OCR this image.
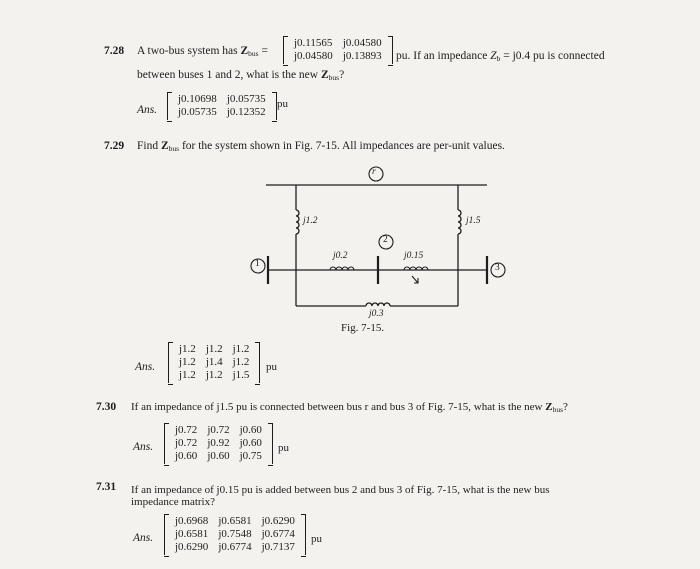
7.28 A two-bus system has $Z_{bus}$ =
j0.11565	j0.04580
j0.04580	j0.13893 pu. If an impedance $Z_b = j0.4$ pu is connected
between buses 1 and 2, what is the new $Z_{bus}$?
Ans.
j0.10698	j0.05735
j0.05735	j0.12352
pu
7.29 Find $Z_{bus}$ for the system shown in Fig. 7-15. All impedances are per-unit values.
r
1
2
3
j1.2
j0.2	j0.15
j1.5
j0.3
Fig. 7-15.
Ans.
j1.2	j1.2	j1.2
j1.2	j1.4	j1.2
j1.2	j1.2	j1.5
pu
7.30 If an impedance of j1.5 pu is connected between bus r and bus 3 of Fig. 7-15, what is the new $Z_{bus}$?
Ans.
j0.72	j0.72	j0.60
j0.72	j0.92	j0.60
j0.60	j0.60	j0.75
pu
7.31 If an impedance of j0.15 pu is added between bus 2 and bus 3 of Fig. 7-15, what is the new bus
impedance matrix?
Ans.
j0.6968	j0.6581	j0.6290
j0.6581	j0.7548	j0.6774
j0.6290	j0.6774	j0.7137
pu
